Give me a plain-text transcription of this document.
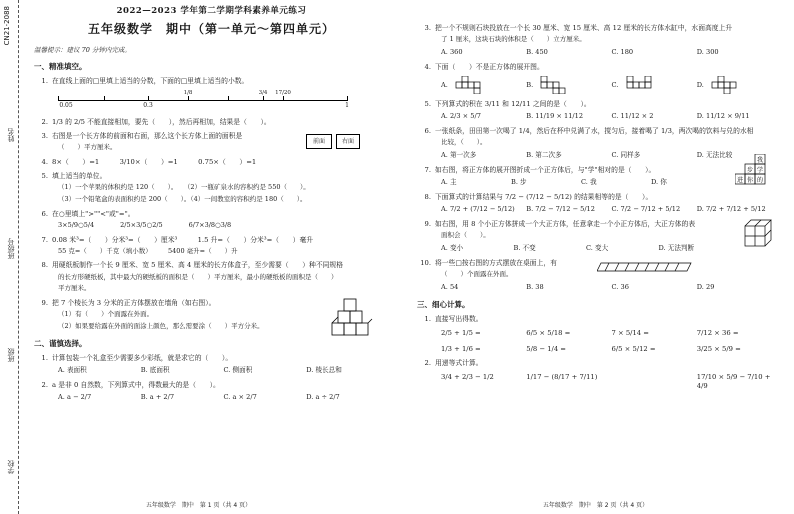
CN21-2088
姓名
班级号
班级
学校
2022—2023 学年第二学期学科素养单元练习
五年级数学　期中（第一单元～第四单元）
温馨提示：建议 70 分钟内完成。
一、精准填空。
1. 在直线上面的□里填上适当的分数，下面的□里填上适当的小数。
1/8	3/4 17/20
0.05	0.3	1
2. 1/3 的 2/5 不能直接相加，要先（　　），然后再相加，结果是（　　）。
3. 右图是一个长方体的前面和右面，那么这个长方体上面的面积是
（　　）平方厘米。
前面	右面
4. 8×（　　）=1　　　3/10×（　　）=1　　　0.75×（　　）=1
5. 填上适当的单位。
（1）一个苹果的体积约是 120（　　）。　　（2）一瓶矿泉水的容积约是 550（　　）。
（3）一个铅笔盒的表面积约是 200（　　）。（4）一间教室的容积约是 180（　　）。
6. 在○里填上">""<"或"="。
3×5/9○5/4　　　　2/5×3/5○2/5　　　　6/7×3/8○3/8
7. 0.08 米³=（　　）分米³=（　　）厘米³　　　1.5 升=（　　）分米³=（　　）毫升
55 克=（　　）千克（填小数）　　　5400 毫升=（　　）升
8. 用硬纸板制作一个长 9 厘米、宽 5 厘米、高 4 厘米的长方体盒子，至少需要（　　）种不同规格
的长方形硬纸板，其中最大的硬纸板的面积是（　　）平方厘米，最小的硬纸板的面积是（　　）
平方厘米。
9. 把 7 个棱长为 3 分米的正方体摆放在墙角（如右图）。
（1）有（　　）个面露在外面。
（2）如果要给露在外面的面涂上颜色，那么需要涂（　　）平方分米。
二、谨慎选择。
1. 计算包装一个礼盒至少需要多少彩纸，就是求它的（　　）。
A. 表面积	B. 底面积	C. 侧面积	D. 棱长总和
2. a 是非 0 自然数，下列算式中，得数最大的是（　　）。
A. a − 2/7	B. a + 2/7	C. a × 2/7	D. a ÷ 2/7
五年级数学　期中　第 1 页（共 4 页）
3. 把一个不规则石块投放在一个长 30 厘米、宽 15 厘米、高 12 厘米的长方体水缸中，水面高度上升
了 1 厘米，这块石块的体积是（　　）立方厘米。
A. 360	B. 450	C. 180	D. 300
4. 下面（　　）不是正方体的展开图。
A.	B.	C.	D.
5. 下列算式的积在 3/11 和 12/11 之间的是（　　）。
A. 2/3 × 5/7	B. 11/19 × 11/12	C. 11/12 × 2	D. 11/12 × 9/11
6. 一张纸条，田田第一次喝了 1/4，然后在杯中兑满了水，搅匀后，接着喝了 1/3，两次喝的饮料与兑的水相
比较，（　　）。
A. 第一次多	B. 第二次多	C. 同样多	D. 无法比较
7. 如右图，将正方体的展开图折成一个正方体后，与"学"相对的是（　　）。
A. 主	B. 步	C. 我	D. 你
我
步 学
进 你 的
8. 下面算式的计算结果与 7/2 − (7/12 − 5/12) 的结果相等的是（　　）。
A. 7/2 + (7/12 − 5/12)	B. 7/2 − 7/12 − 5/12	C. 7/2 − 7/12 + 5/12	D. 7/2 + 7/12 + 5/12
9. 如右图，用 8 个小正方体拼成一个大正方体，任意拿走一个小正方体后，大正方体的表
面积会（　　）。
A. 变小	B. 不变	C. 变大	D. 无法判断
10. 将一些□按右图的方式摆放在桌面上，有
（　　）个面露在外面。
A. 54	B. 38	C. 36	D. 29
三、细心计算。
1. 直接写出得数。
2/5 + 1/5 =	6/5 × 5/18 =	7 × 5/14 =	7/12 × 36 =
1/3 + 1/6 =	5/8 − 1/4 =	6/5 × 5/12 =	3/25 × 5/9 =
2. 用递等式计算。
3/4 + 2/3 − 1/2	1/17 − (8/17 + 7/11)	17/10 × 5/9 − 7/10 + 4/9
五年级数学　期中　第 2 页（共 4 页）
